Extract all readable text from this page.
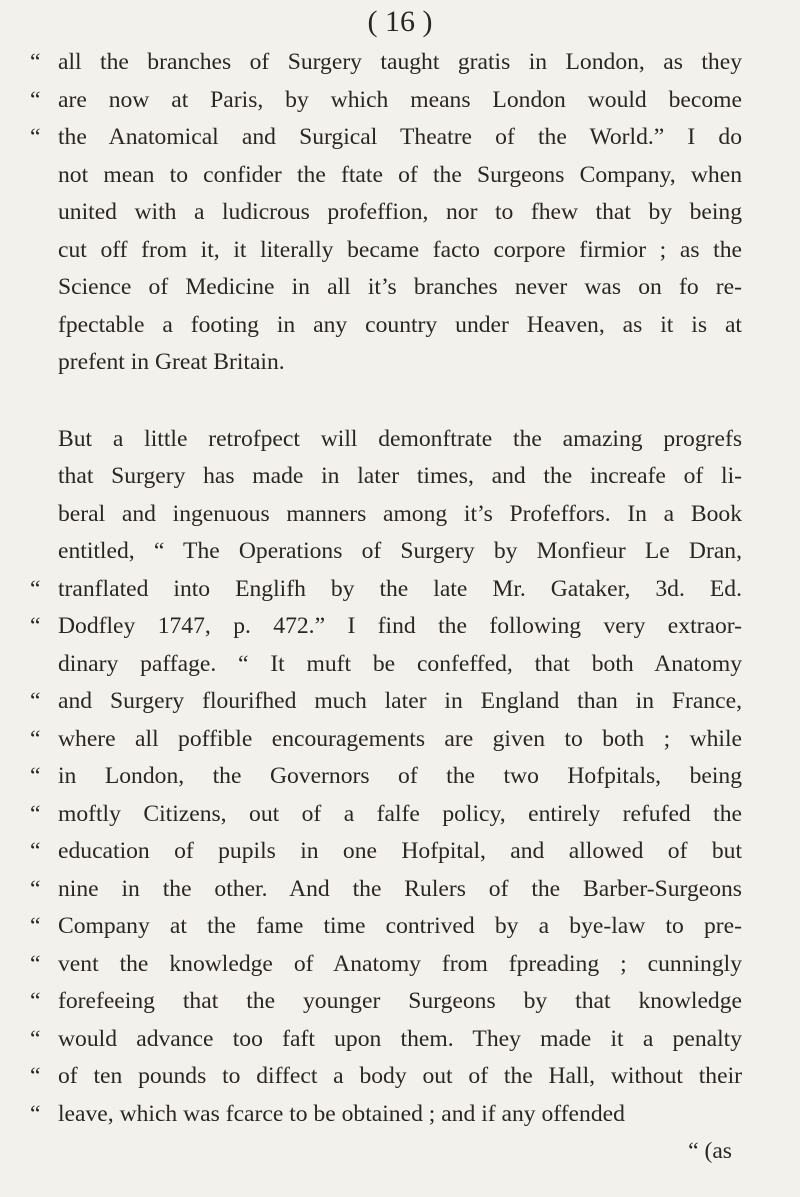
( 16 )
“ all the branches of Surgery taught gratis in London, as they
“ are now at Paris, by which means London would become
“ the Anatomical and Surgical Theatre of the World.” I do
not mean to confider the ftate of the Surgeons Company, when
united with a ludicrous profeffion, nor to fhew that by being
cut off from it, it literally became facto corpore firmior ; as the
Science of Medicine in all it’s branches never was on fo re-
fpectable a footing in any country under Heaven, as it is at
prefent in Great Britain.
But a little retrofpect will demonftrate the amazing progrefs
that Surgery has made in later times, and the increafe of li-
beral and ingenuous manners among it’s Profeffors. In a Book
entitled, “ The Operations of Surgery by Monfieur Le Dran,
“ tranflated into Englifh by the late Mr. Gataker, 3d. Ed.
“ Dodfley 1747, p. 472.” I find the following very extraor-
dinary paffage. “ It muft be confeffed, that both Anatomy
“ and Surgery flourifhed much later in England than in France,
“ where all poffible encouragements are given to both ; while
“ in London, the Governors of the two Hofpitals, being
“ moftly Citizens, out of a falfe policy, entirely refufed the
“ education of pupils in one Hofpital, and allowed of but
“ nine in the other. And the Rulers of the Barber-Surgeons
“ Company at the fame time contrived by a bye-law to pre-
“ vent the knowledge of Anatomy from fpreading ; cunningly
“ forefeeing that the younger Surgeons by that knowledge
“ would advance too faft upon them. They made it a penalty
“ of ten pounds to diffect a body out of the Hall, without their
“ leave, which was fcarce to be obtained ; and if any offended
“ (as
